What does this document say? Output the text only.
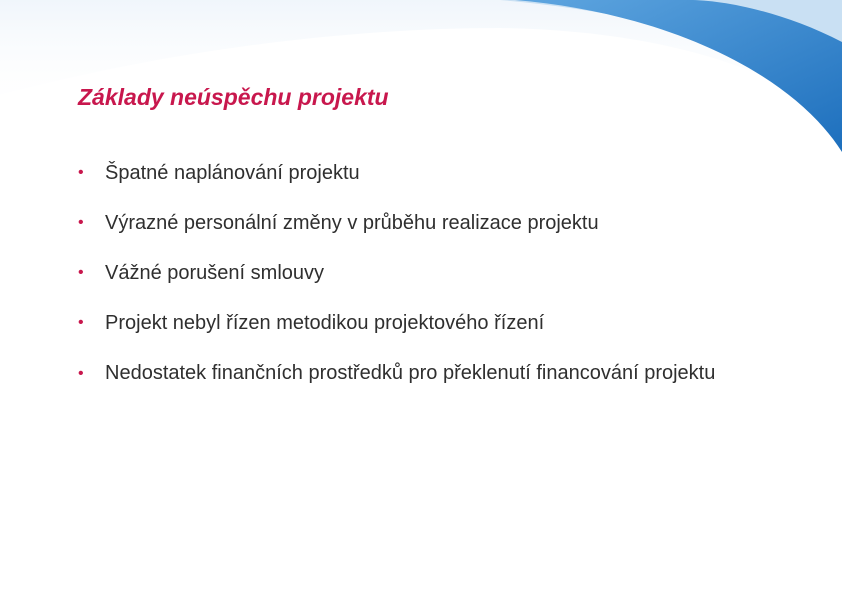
Základy neúspěchu projektu
•	Špatné naplánování projektu
•	Výrazné personální změny v průběhu realizace projektu
•	Vážné porušení smlouvy
•	Projekt nebyl řízen metodikou projektového řízení
•	Nedostatek finančních prostředků pro překlenutí financování projektu
